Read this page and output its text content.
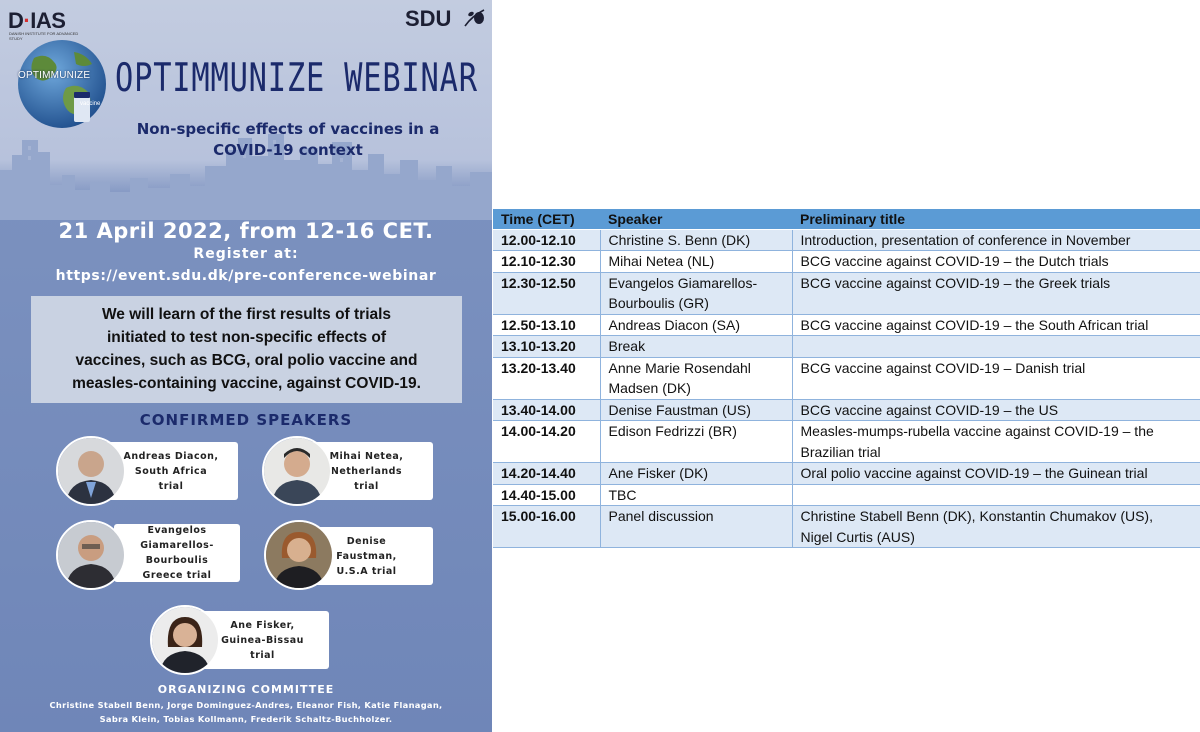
D·IAS
DANISH INSTITUTE FOR ADVANCED STUDY
SDU
OPTIMMUNIZE
vaccine
OPTIMMUNIZE WEBINAR
Non-specific effects of vaccines in a
COVID-19 context
21 April 2022, from 12-16 CET.
Register at:
https://event.sdu.dk/pre-conference-webinar
We will learn of the first results of trials
initiated to test non-specific effects of
vaccines, such as BCG, oral polio vaccine and
measles-containing vaccine, against COVID-19.
CONFIRMED SPEAKERS
Andreas Diacon,
South Africa
trial
Mihai Netea,
Netherlands
trial
Evangelos
Giamarellos-
Bourboulis
Greece trial
Denise
Faustman,
U.S.A trial
Ane Fisker,
Guinea-Bissau
trial
ORGANIZING COMMITTEE
Christine Stabell Benn, Jorge Dominguez-Andres, Eleanor Fish, Katie Flanagan,
Sabra Klein, Tobias Kollmann, Frederik Schaltz-Buchholzer.
Time (CET)	Speaker	Preliminary title
12.00-12.10	Christine S. Benn (DK)	Introduction, presentation of conference in November

12.10-12.30	Mihai Netea (NL)	BCG vaccine against COVID-19 – the Dutch trials

12.30-12.50	Evangelos Giamarellos-
Bourboulis (GR)	BCG vaccine against COVID-19 – the Greek trials

12.50-13.10	Andreas Diacon (SA)	BCG vaccine against COVID-19 – the South African trial

13.10-13.20	Break	

13.20-13.40	Anne Marie Rosendahl
Madsen (DK)	BCG vaccine against COVID-19 – Danish trial

13.40-14.00	Denise Faustman (US)	BCG vaccine against COVID-19 – the US

14.00-14.20	Edison Fedrizzi (BR)	Measles-mumps-rubella vaccine against COVID-19 – the
Brazilian trial

14.20-14.40	Ane Fisker (DK)	Oral polio vaccine against COVID-19 – the Guinean trial

14.40-15.00	TBC	

15.00-16.00	Panel discussion	Christine Stabell Benn (DK), Konstantin Chumakov (US),
Nigel Curtis (AUS)
